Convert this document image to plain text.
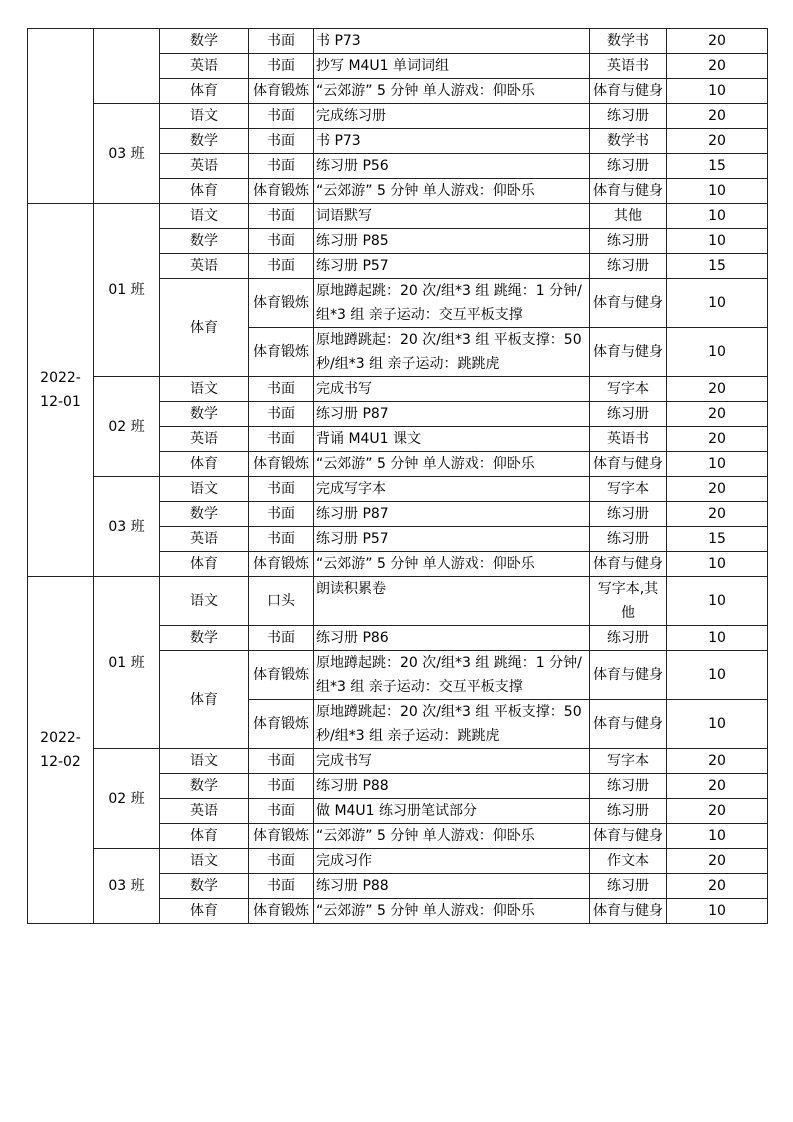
		数学	书面	书 P73	数学书	20
		英语	书面	抄写 M4U1 单词词组	英语书	20
		体育	体育锻炼	“云郊游” 5 分钟 单人游戏：仰卧乐	体育与健身	10
	03 班	语文	书面	完成练习册	练习册	20
		数学	书面	书 P73	数学书	20
		英语	书面	练习册 P56	练习册	15
		体育	体育锻炼	“云郊游” 5 分钟 单人游戏：仰卧乐	体育与健身	10
2022-12-01	01 班	语文	书面	词语默写	其他	10
		数学	书面	练习册 P85	练习册	10
		英语	书面	练习册 P57	练习册	15
		体育	体育锻炼	原地蹲起跳：20 次/组*3 组 跳绳：1 分钟/组*3 组 亲子运动：交互平板支撑	体育与健身	10
			体育锻炼	原地蹲跳起：20 次/组*3 组 平板支撑：50 秒/组*3 组 亲子运动：跳跳虎	体育与健身	10
	02 班	语文	书面	完成书写	写字本	20
		数学	书面	练习册 P87	练习册	20
		英语	书面	背诵 M4U1 课文	英语书	20
		体育	体育锻炼	“云郊游” 5 分钟 单人游戏：仰卧乐	体育与健身	10
	03 班	语文	书面	完成写字本	写字本	20
		数学	书面	练习册 P87	练习册	20
		英语	书面	练习册 P57	练习册	15
		体育	体育锻炼	“云郊游” 5 分钟 单人游戏：仰卧乐	体育与健身	10
2022-12-02	01 班	语文	口头	朗读积累卷	写字本,其他	10
		数学	书面	练习册 P86	练习册	10
		体育	体育锻炼	原地蹲起跳：20 次/组*3 组 跳绳：1 分钟/组*3 组 亲子运动：交互平板支撑	体育与健身	10
			体育锻炼	原地蹲跳起：20 次/组*3 组 平板支撑：50 秒/组*3 组 亲子运动：跳跳虎	体育与健身	10
	02 班	语文	书面	完成书写	写字本	20
		数学	书面	练习册 P88	练习册	20
		英语	书面	做 M4U1 练习册笔试部分	练习册	20
		体育	体育锻炼	“云郊游” 5 分钟 单人游戏：仰卧乐	体育与健身	10
	03 班	语文	书面	完成习作	作文本	20
		数学	书面	练习册 P88	练习册	20
		体育	体育锻炼	“云郊游” 5 分钟 单人游戏：仰卧乐	体育与健身	10
